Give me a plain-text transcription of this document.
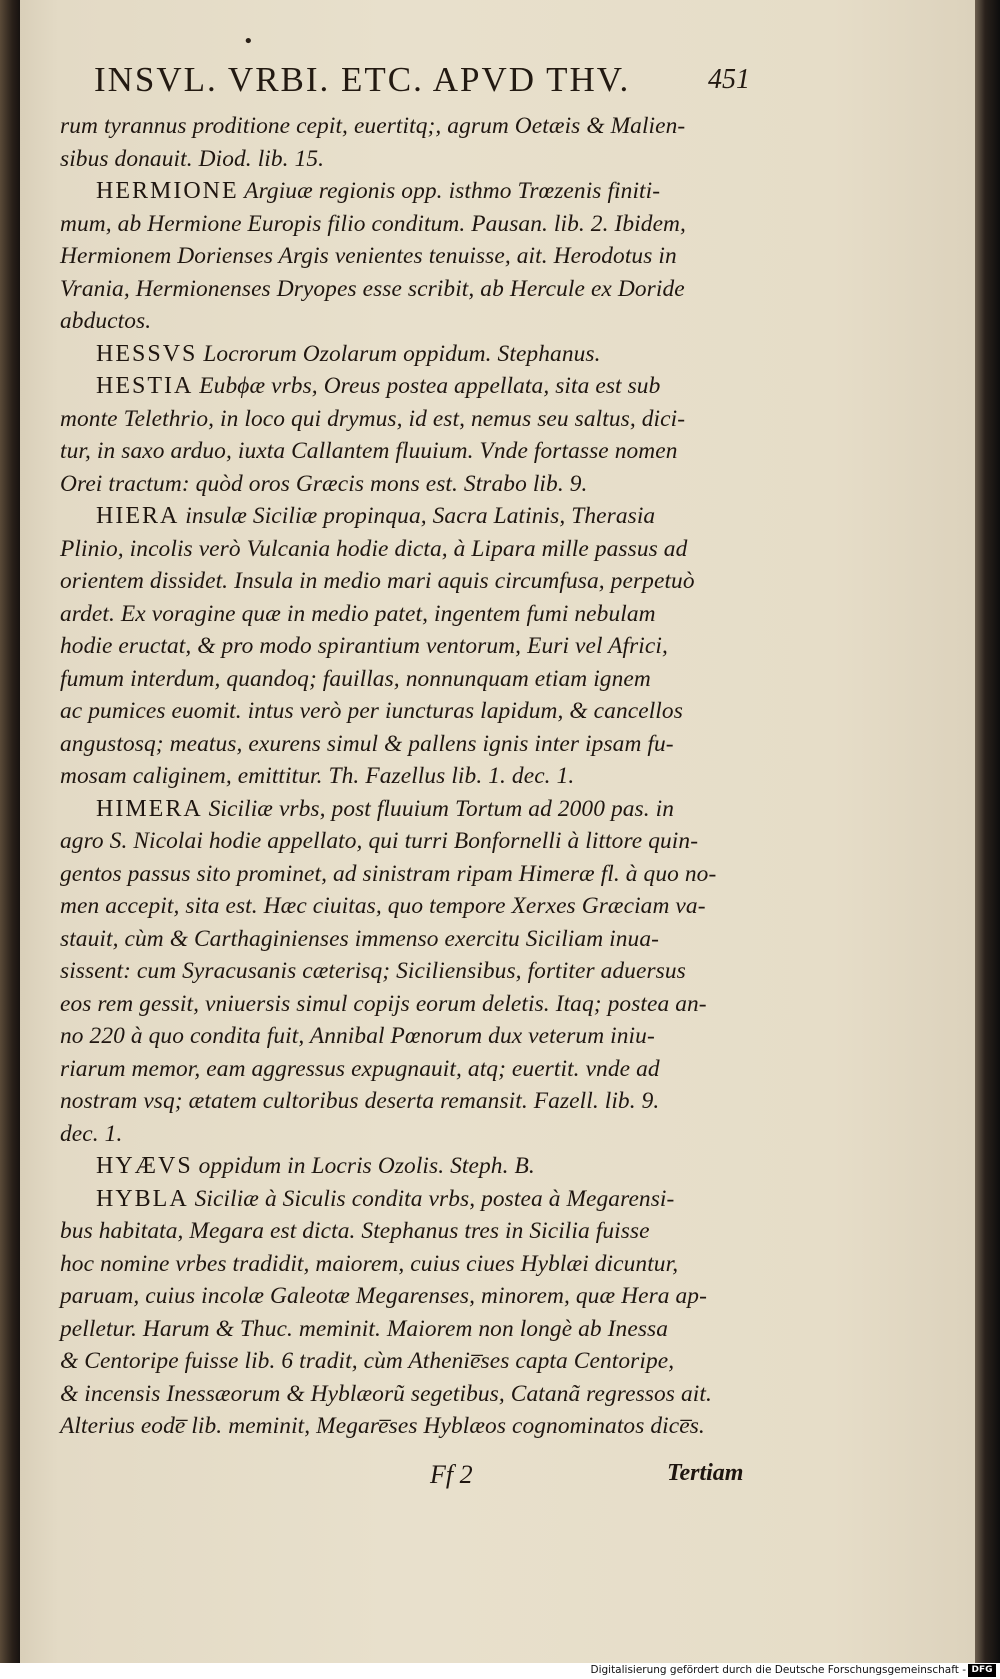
•
INSVL. VRBI. ETC. APVD THV.	451
rum tyrannus proditione cepit, euertitq;, agrum Oetæis & Malien-
sibus donauit. Diod. lib. 15.
HERMIONE Argiuæ regionis opp. isthmo Trœzenis finiti-
mum, ab Hermione Europis filio conditum. Pausan. lib. 2. Ibidem,
Hermionem Dorienses Argis venientes tenuisse, ait. Herodotus in
Vrania, Hermionenses Dryopes esse scribit, ab Hercule ex Doride
abductos.
HESSVS Locrorum Ozolarum oppidum. Stephanus.
HESTIA Eubϕæ vrbs, Oreus postea appellata, sita est sub
monte Telethrio, in loco qui drymus, id est, nemus seu saltus, dici-
tur, in saxo arduo, iuxta Callantem fluuium. Vnde fortasse nomen
Orei tractum: quòd oros Græcis mons est. Strabo lib. 9.
HIERA insulæ Siciliæ propinqua, Sacra Latinis, Therasia
Plinio, incolis verò Vulcania hodie dicta, à Lipara mille passus ad
orientem dissidet. Insula in medio mari aquis circumfusa, perpetuò
ardet. Ex voragine quæ in medio patet, ingentem fumi nebulam
hodie eructat, & pro modo spirantium ventorum, Euri vel Africi,
fumum interdum, quandoq; fauillas, nonnunquam etiam ignem
ac pumices euomit. intus verò per iuncturas lapidum, & cancellos
angustosq; meatus, exurens simul & pallens ignis inter ipsam fu-
mosam caliginem, emittitur. Th. Fazellus lib. 1. dec. 1.
HIMERA Siciliæ vrbs, post fluuium Tortum ad 2000 pas. in
agro S. Nicolai hodie appellato, qui turri Bonfornelli à littore quin-
gentos passus sito prominet, ad sinistram ripam Himeræ fl. à quo no-
men accepit, sita est. Hæc ciuitas, quo tempore Xerxes Græciam va-
stauit, cùm & Carthaginienses immenso exercitu Siciliam inua-
sissent: cum Syracusanis cæterisq; Siciliensibus, fortiter aduersus
eos rem gessit, vniuersis simul copijs eorum deletis. Itaq; postea an-
no 220 à quo condita fuit, Annibal Pœnorum dux veterum iniu-
riarum memor, eam aggressus expugnauit, atq; euertit. vnde ad
nostram vsq; ætatem cultoribus deserta remansit. Fazell. lib. 9.
dec. 1.
HYÆVS oppidum in Locris Ozolis. Steph. B.
HYBLA Siciliæ à Siculis condita vrbs, postea à Megarensi-
bus habitata, Megara est dicta. Stephanus tres in Sicilia fuisse
hoc nomine vrbes tradidit, maiorem, cuius ciues Hyblæi dicuntur,
paruam, cuius incolæ Galeotæ Megarenses, minorem, quæ Hera ap-
pelletur. Harum & Thuc. meminit. Maiorem non longè ab Inessa
& Centoripe fuisse lib. 6 tradit, cùm Athenie̅ses capta Centoripe,
& incensis Inessæorum & Hyblæorũ segetibus, Catanã regressos ait.
Alterius eode̅ lib. meminit, Megare̅ses Hyblæos cognominatos dice̅s.
Ff 2	Tertiam
Digitalisierung gefördert durch die Deutsche Forschungsgemeinschaft - DFG
